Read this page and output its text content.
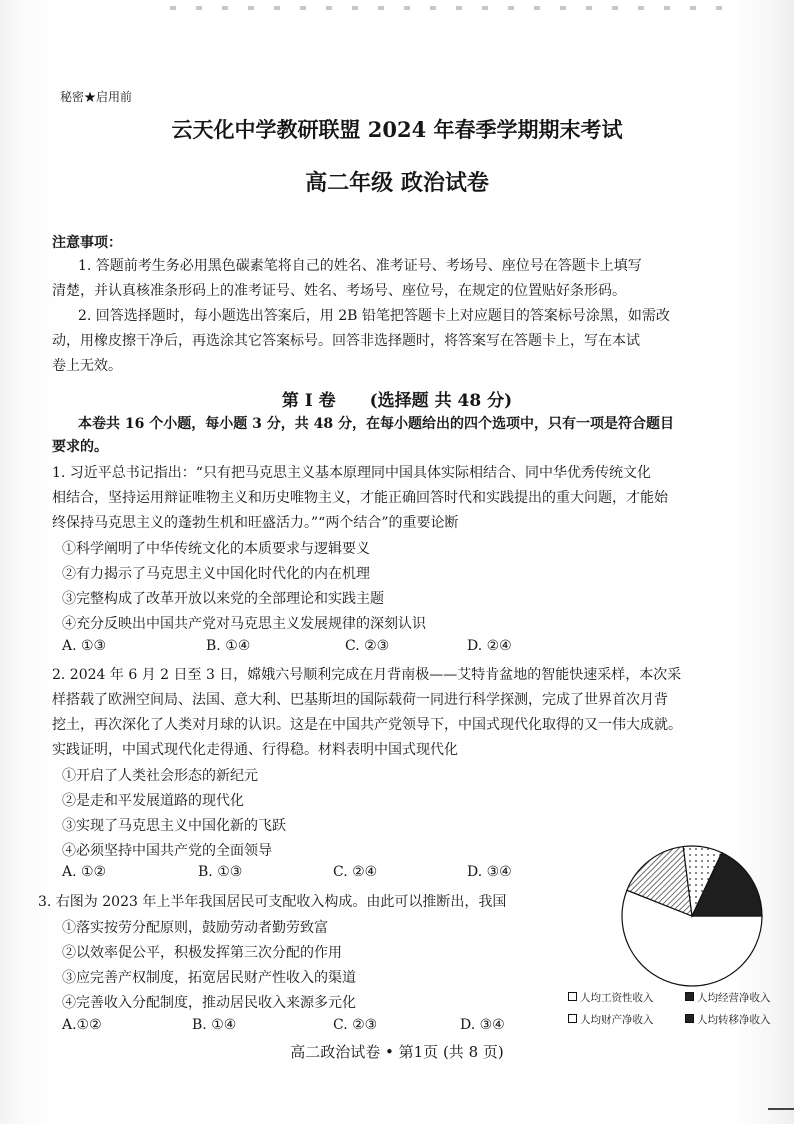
秘密★启用前
云天化中学教研联盟 2024 年春季学期期末考试
高二年级 政治试卷
注意事项：
1. 答题前考生务必用黑色碳素笔将自己的姓名、准考证号、考场号、座位号在答题卡上填写
清楚，并认真核准条形码上的准考证号、姓名、考场号、座位号，在规定的位置贴好条形码。
2. 回答选择题时，每小题选出答案后，用 2B 铅笔把答题卡上对应题目的答案标号涂黑，如需改
动，用橡皮擦干净后，再选涂其它答案标号。回答非选择题时，将答案写在答题卡上，写在本试
卷上无效。
第 I 卷　　(选择题 共 48 分)
本卷共 16 个小题，每小题 3 分，共 48 分，在每小题给出的四个选项中，只有一项是符合题目
要求的。
1. 习近平总书记指出：“只有把马克思主义基本原理同中国具体实际相结合、同中华优秀传统文化
相结合，坚持运用辩证唯物主义和历史唯物主义，才能正确回答时代和实践提出的重大问题，才能始
终保持马克思主义的蓬勃生机和旺盛活力。”“两个结合”的重要论断
①科学阐明了中华传统文化的本质要求与逻辑要义
②有力揭示了马克思主义中国化时代化的内在机理
③完整构成了改革开放以来党的全部理论和实践主题
④充分反映出中国共产党对马克思主义发展规律的深刻认识
A. ①③	B. ①④	C. ②③	D. ②④
2. 2024 年 6 月 2 日至 3 日，嫦娥六号顺利完成在月背南极——艾特肯盆地的智能快速采样，本次采
样搭载了欧洲空间局、法国、意大利、巴基斯坦的国际载荷一同进行科学探测，完成了世界首次月背
挖土，再次深化了人类对月球的认识。这是在中国共产党领导下，中国式现代化取得的又一伟大成就。
实践证明，中国式现代化走得通、行得稳。材料表明中国式现代化
①开启了人类社会形态的新纪元
②是走和平发展道路的现代化
③实现了马克思主义中国化新的飞跃
④必须坚持中国共产党的全面领导
A. ①②	B. ①③	C. ②④	D. ③④
3. 右图为 2023 年上半年我国居民可支配收入构成。由此可以推断出，我国
①落实按劳分配原则，鼓励劳动者勤劳致富
②以效率促公平，积极发挥第三次分配的作用
③应完善产权制度，拓宽居民财产性收入的渠道
④完善收入分配制度，推动居民收入来源多元化
A.①②	B. ①④	C. ②③	D. ③④
人均工资性收入	人均经营净收入
人均财产净收入	人均转移净收入
高二政治试卷 • 第1页 (共 8 页)
